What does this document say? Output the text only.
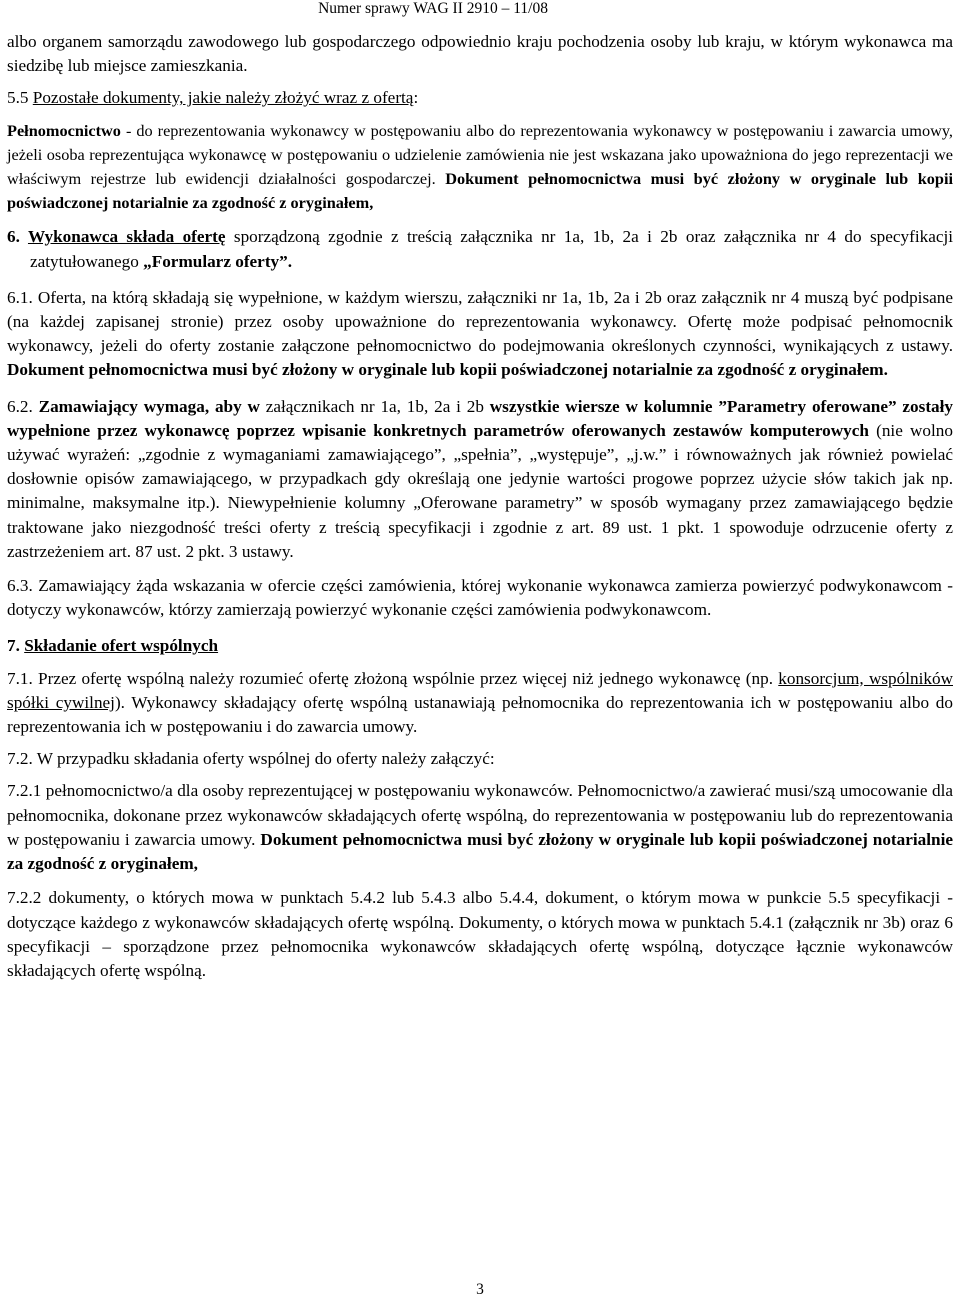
Numer sprawy WAG II 2910 – 11/08

albo organem samorządu zawodowego lub gospodarczego odpowiednio kraju pochodzenia osoby lub kraju, w którym wykonawca ma siedzibę lub miejsce zamieszkania.

5.5 Pozostałe dokumenty, jakie należy złożyć wraz z ofertą:

Pełnomocnictwo - do reprezentowania wykonawcy w postępowaniu albo do reprezentowania wykonawcy w postępowaniu i zawarcia umowy, jeżeli osoba reprezentująca wykonawcę w postępowaniu o udzielenie zamówienia nie jest wskazana jako upoważniona do jego reprezentacji we właściwym rejestrze lub ewidencji działalności gospodarczej. Dokument pełnomocnictwa musi być złożony w oryginale lub kopii poświadczonej notarialnie za zgodność z oryginałem,

6. Wykonawca składa ofertę sporządzoną zgodnie z treścią załącznika nr 1a, 1b, 2a i 2b oraz załącznika nr 4 do specyfikacji zatytułowanego „Formularz oferty”.

6.1. Oferta, na którą składają się wypełnione, w każdym wierszu, załączniki nr 1a, 1b, 2a i 2b oraz załącznik nr 4 muszą być podpisane (na każdej zapisanej stronie) przez osoby upoważnione do reprezentowania wykonawcy. Ofertę może podpisać pełnomocnik wykonawcy, jeżeli do oferty zostanie załączone pełnomocnictwo do podejmowania określonych czynności, wynikających z ustawy. Dokument pełnomocnictwa musi być złożony w oryginale lub kopii poświadczonej notarialnie za zgodność z oryginałem.

6.2. Zamawiający wymaga, aby w załącznikach nr 1a, 1b, 2a i 2b wszystkie wiersze w kolumnie ”Parametry oferowane” zostały wypełnione przez wykonawcę poprzez wpisanie konkretnych parametrów oferowanych zestawów komputerowych (nie wolno używać wyrażeń: „zgodnie z wymaganiami zamawiającego”, „spełnia”, „występuje”, „j.w.” i równoważnych jak również powielać dosłownie opisów zamawiającego, w przypadkach gdy określają one jedynie wartości progowe poprzez użycie słów takich jak np. minimalne, maksymalne itp.). Niewypełnienie kolumny „Oferowane parametry” w sposób wymagany przez zamawiającego będzie traktowane jako niezgodność treści oferty z treścią specyfikacji i zgodnie z art. 89 ust. 1 pkt. 1 spowoduje odrzucenie oferty z zastrzeżeniem art. 87 ust. 2 pkt. 3 ustawy.

6.3. Zamawiający żąda wskazania w ofercie części zamówienia, której wykonanie wykonawca zamierza powierzyć podwykonawcom - dotyczy wykonawców, którzy zamierzają powierzyć wykonanie części zamówienia podwykonawcom.

7. Składanie ofert wspólnych

7.1. Przez ofertę wspólną należy rozumieć ofertę złożoną wspólnie przez więcej niż jednego wykonawcę (np. konsorcjum, wspólników spółki cywilnej). Wykonawcy składający ofertę wspólną ustanawiają pełnomocnika do reprezentowania ich w postępowaniu albo do reprezentowania ich w postępowaniu i do zawarcia umowy.

7.2. W przypadku składania oferty wspólnej do oferty należy załączyć:

7.2.1 pełnomocnictwo/a dla osoby reprezentującej w postępowaniu wykonawców. Pełnomocnictwo/a zawierać musi/szą umocowanie dla pełnomocnika, dokonane przez wykonawców składających ofertę wspólną, do reprezentowania w postępowaniu lub do reprezentowania w postępowaniu i zawarcia umowy. Dokument pełnomocnictwa musi być złożony w oryginale lub kopii poświadczonej notarialnie za zgodność z oryginałem,

7.2.2 dokumenty, o których mowa w punktach 5.4.2 lub 5.4.3 albo 5.4.4, dokument, o którym mowa w punkcie 5.5 specyfikacji - dotyczące każdego z wykonawców składających ofertę wspólną. Dokumenty, o których mowa w punktach 5.4.1 (załącznik nr 3b) oraz 6 specyfikacji – sporządzone przez pełnomocnika wykonawców składających ofertę wspólną, dotyczące łącznie wykonawców składających ofertę wspólną.

3
